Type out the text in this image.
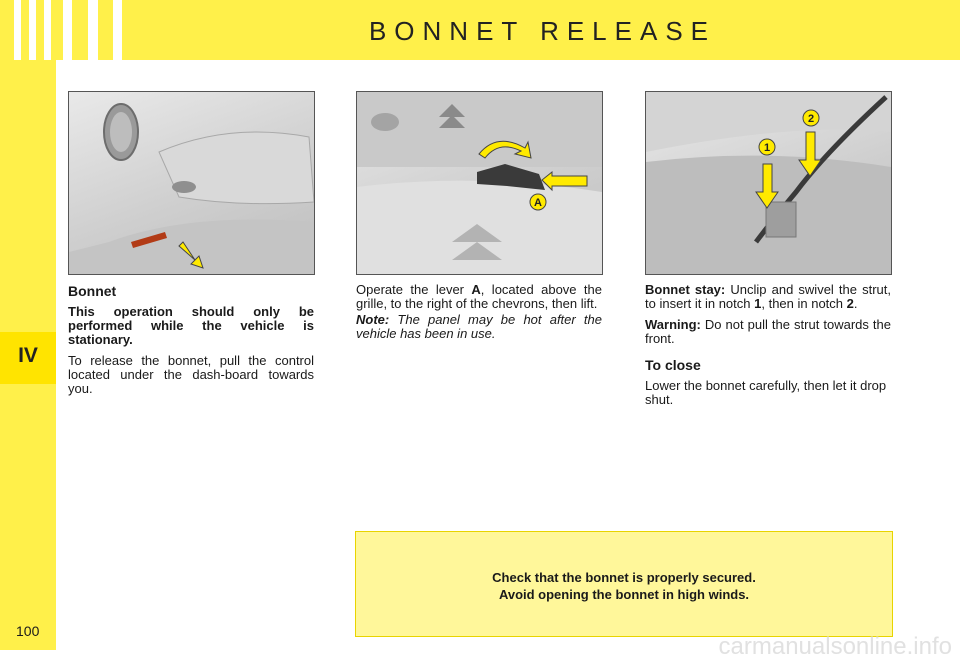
BONNET RELEASE
IV
A
1
2
Bonnet

This operation should only be performed while the vehicle is stationary.

To release the bonnet, pull the control located under the dash-board towards you.

Operate the lever A, located above the grille, to the right of the chevrons, then lift.

Note: The panel may be hot after the vehicle has been in use.

Bonnet stay: Unclip and swivel the strut, to insert it in notch 1, then in notch 2.

Warning: Do not pull the strut towards the front.

To close

Lower the bonnet carefully, then let it drop shut.

Check that the bonnet is properly secured.
Avoid opening the bonnet in high winds.
100
carmanualsonline.info
